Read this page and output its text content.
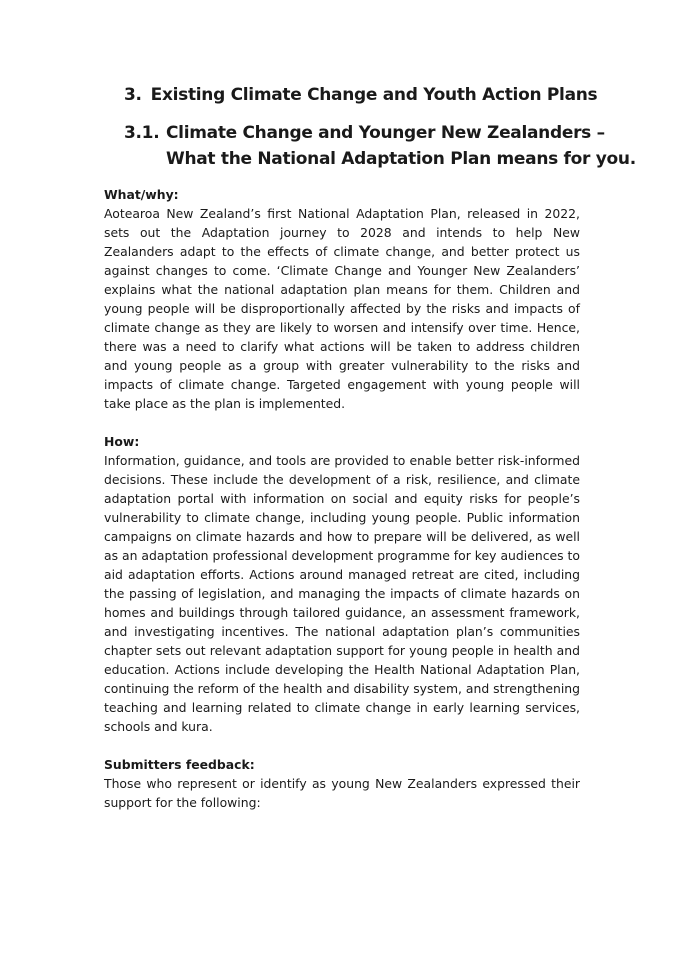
3. Existing Climate Change and Youth Action Plans
3.1. Climate Change and Younger New Zealanders –
What the National Adaptation Plan means for you.

What/why:

Aotearoa New Zealand’s first National Adaptation Plan, released in 2022, sets out the Adaptation journey to 2028 and intends to help New Zealanders adapt to the effects of climate change, and better protect us against changes to come. ‘Climate Change and Younger New Zealanders’ explains what the national adaptation plan means for them. Children and young people will be disproportionally affected by the risks and impacts of climate change as they are likely to worsen and intensify over time. Hence, there was a need to clarify what actions will be taken to address children and young people as a group with greater vulnerability to the risks and impacts of climate change. Targeted engagement with young people will take place as the plan is implemented.

How:

Information, guidance, and tools are provided to enable better risk-informed decisions. These include the development of a risk, resilience, and climate adaptation portal with information on social and equity risks for people’s vulnerability to climate change, including young people. Public information campaigns on climate hazards and how to prepare will be delivered, as well as an adaptation professional development programme for key audiences to aid adaptation efforts. Actions around managed retreat are cited, including the passing of legislation, and managing the impacts of climate hazards on homes and buildings through tailored guidance, an assessment framework, and investigating incentives. The national adaptation plan’s communities chapter sets out relevant adaptation support for young people in health and education. Actions include developing the Health National Adaptation Plan, continuing the reform of the health and disability system, and strengthening teaching and learning related to climate change in early learning services, schools and kura.

Submitters feedback:

Those who represent or identify as young New Zealanders expressed their support for the following:
